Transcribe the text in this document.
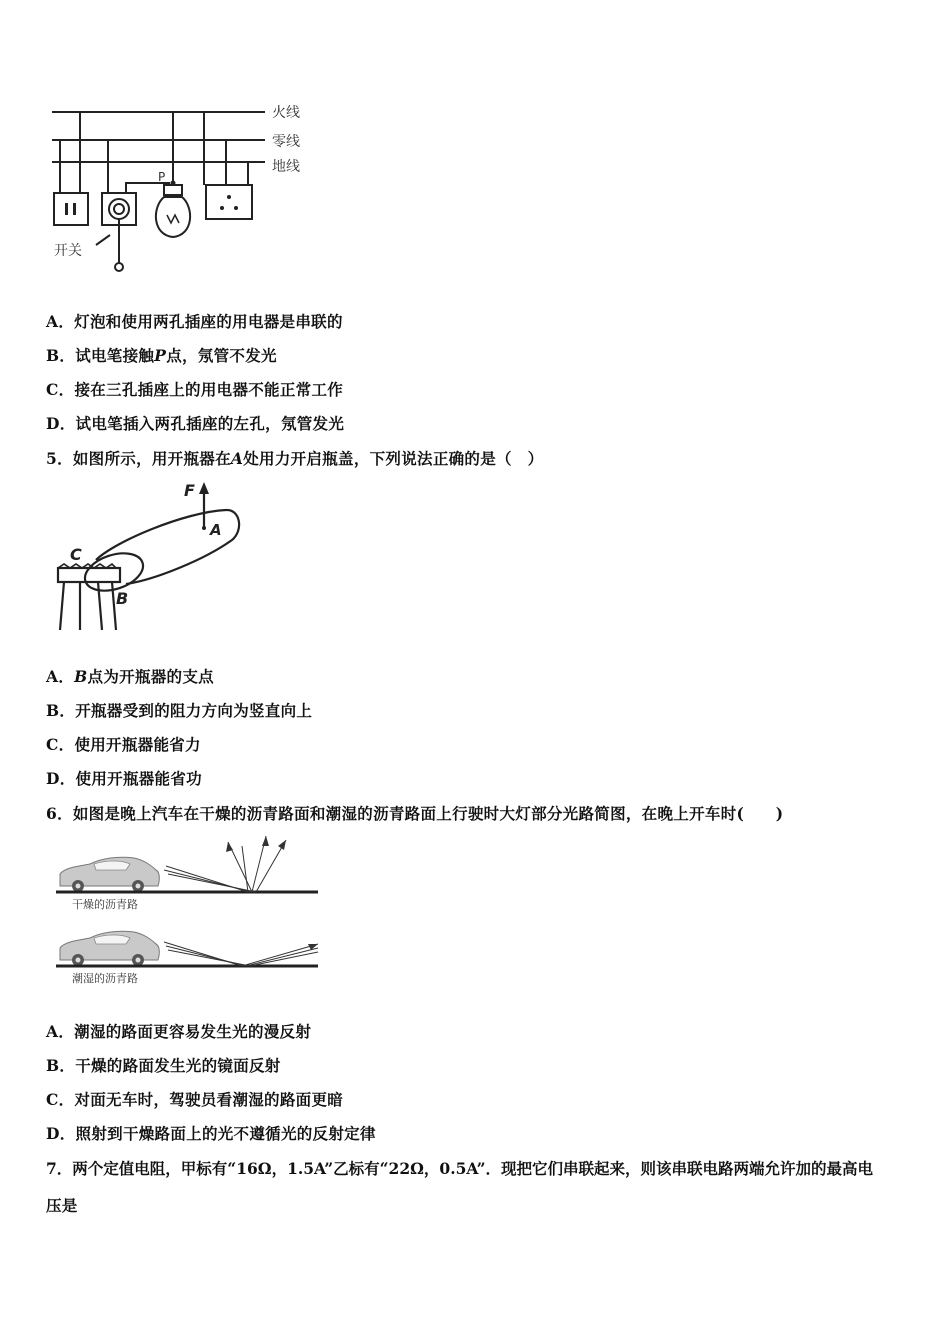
火线
零线
地线
开关
P
A．灯泡和使用两孔插座的用电器是串联的
B．试电笔接触P点，氖管不发光
C．接在三孔插座上的用电器不能正常工作
D．试电笔插入两孔插座的左孔，氖管发光
5．如图所示，用开瓶器在A处用力开启瓶盖，下列说法正确的是（　）
F
A
C
B
A．B点为开瓶器的支点
B．开瓶器受到的阻力方向为竖直向上
C．使用开瓶器能省力
D．使用开瓶器能省功
6．如图是晚上汽车在干燥的沥青路面和潮湿的沥青路面上行驶时大灯部分光路简图，在晚上开车时(　　)
干燥的沥青路
潮湿的沥青路
A．潮湿的路面更容易发生光的漫反射
B．干燥的路面发生光的镜面反射
C．对面无车时，驾驶员看潮湿的路面更暗
D．照射到干燥路面上的光不遵循光的反射定律
7．两个定值电阻，甲标有“16Ω，1.5A”乙标有“22Ω，0.5A”．现把它们串联起来，则该串联电路两端允许加的最高电
压是
